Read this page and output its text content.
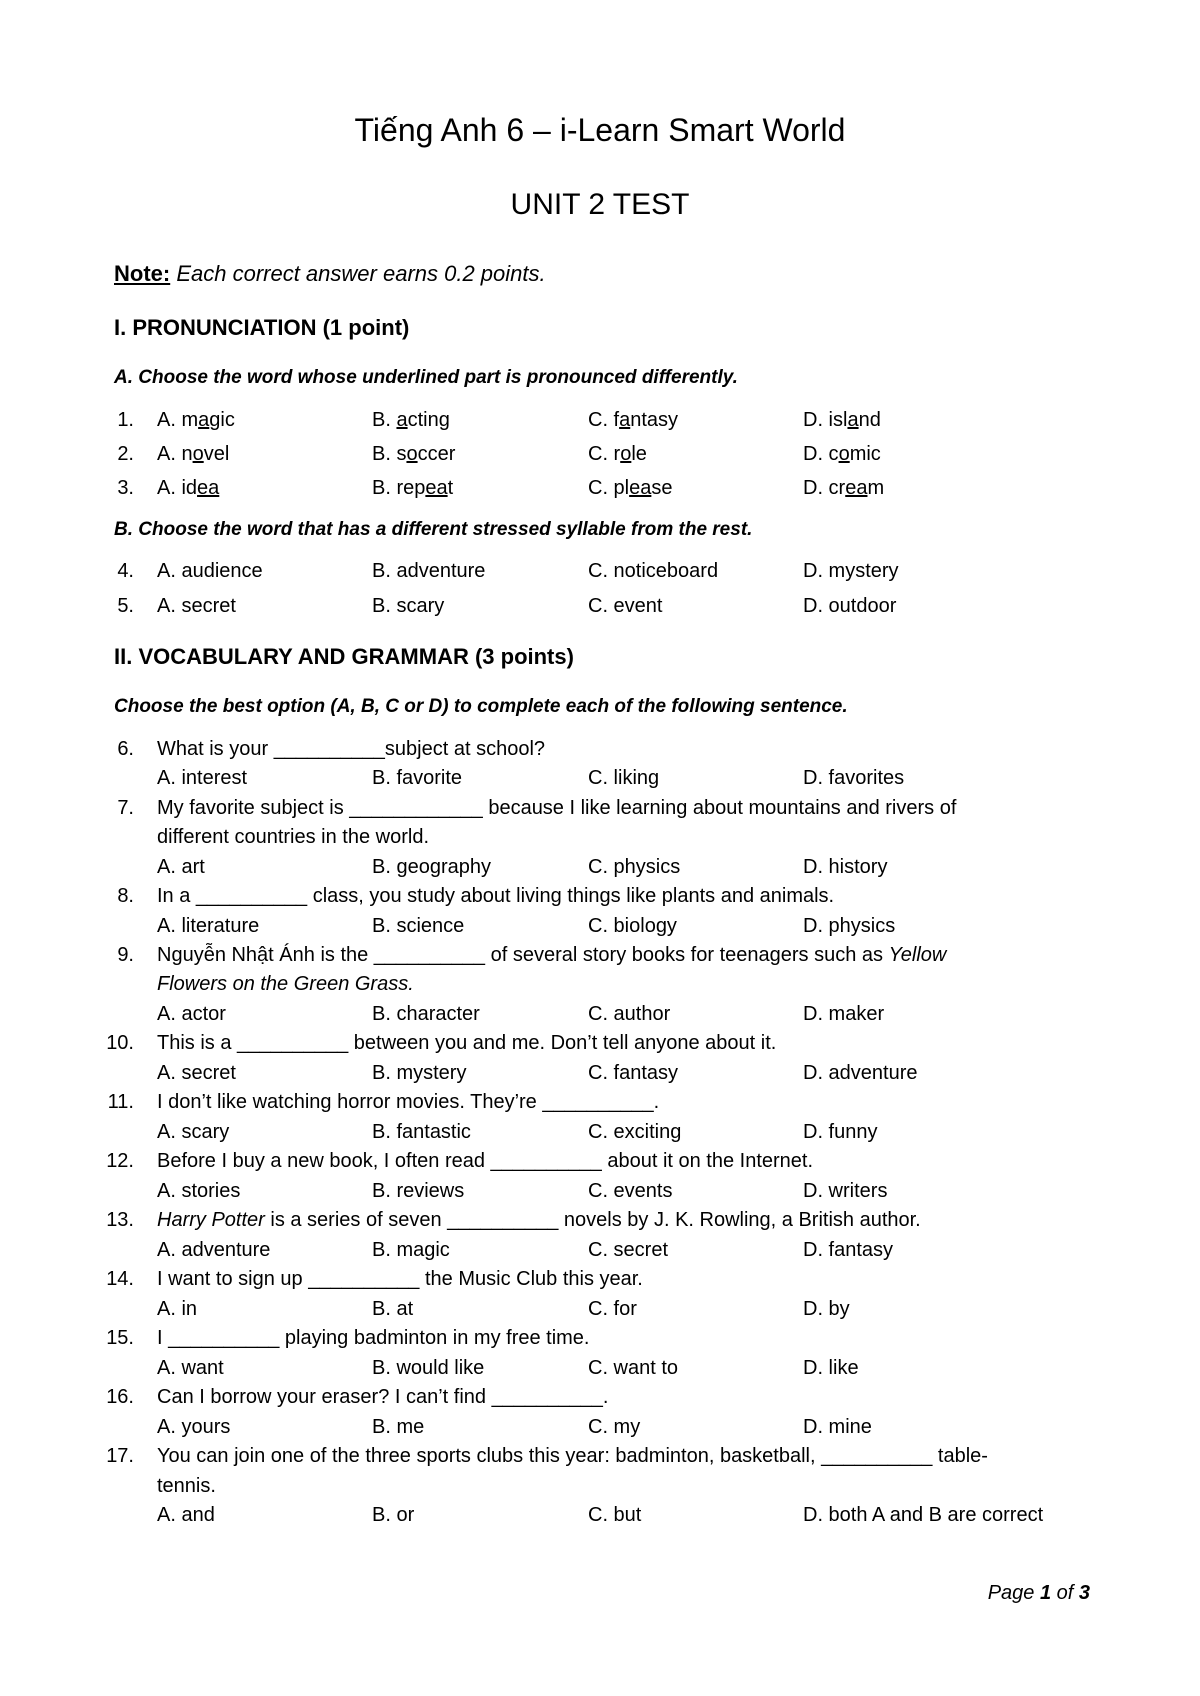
Tiếng Anh 6 – i-Learn Smart World
UNIT 2 TEST
Note: Each correct answer earns 0.2 points.
I. PRONUNCIATION (1 point)
A. Choose the word whose underlined part is pronounced differently.
1. A. magic	B. acting	C. fantasy	D. island
2. A. novel	B. soccer	C. role	D. comic
3. A. idea	B. repeat	C. please	D. cream
B. Choose the word that has a different stressed syllable from the rest.
4. A. audience	B. adventure	C. noticeboard	D. mystery
5. A. secret	B. scary	C. event	D. outdoor
II. VOCABULARY AND GRAMMAR (3 points)
Choose the best option (A, B, C or D) to complete each of the following sentence.
6. What is your __________subject at school?
A. interest	B. favorite	C. liking	D. favorites
7. My favorite subject is ____________ because I like learning about mountains and rivers of
different countries in the world.
A. art	B. geography	C. physics	D. history
8. In a __________ class, you study about living things like plants and animals.
A. literature	B. science	C. biology	D. physics
9. Nguyễn Nhật Ánh is the __________ of several story books for teenagers such as Yellow
Flowers on the Green Grass.
A. actor	B. character	C. author	D. maker
10. This is a __________ between you and me. Don’t tell anyone about it.
A. secret	B. mystery	C. fantasy	D. adventure
11. I don’t like watching horror movies. They’re __________.
A. scary	B. fantastic	C. exciting	D. funny
12. Before I buy a new book, I often read __________ about it on the Internet.
A. stories	B. reviews	C. events	D. writers
13. Harry Potter is a series of seven __________ novels by J. K. Rowling, a British author.
A. adventure	B. magic	C. secret	D. fantasy
14. I want to sign up __________ the Music Club this year.
A. in	B. at	C. for	D. by
15. I __________ playing badminton in my free time.
A. want	B. would like	C. want to	D. like
16. Can I borrow your eraser? I can’t find __________.
A. yours	B. me	C. my	D. mine
17. You can join one of the three sports clubs this year: badminton, basketball, __________ table-
tennis.
A. and	B. or	C. but	D. both A and B are correct
Page 1 of 3
